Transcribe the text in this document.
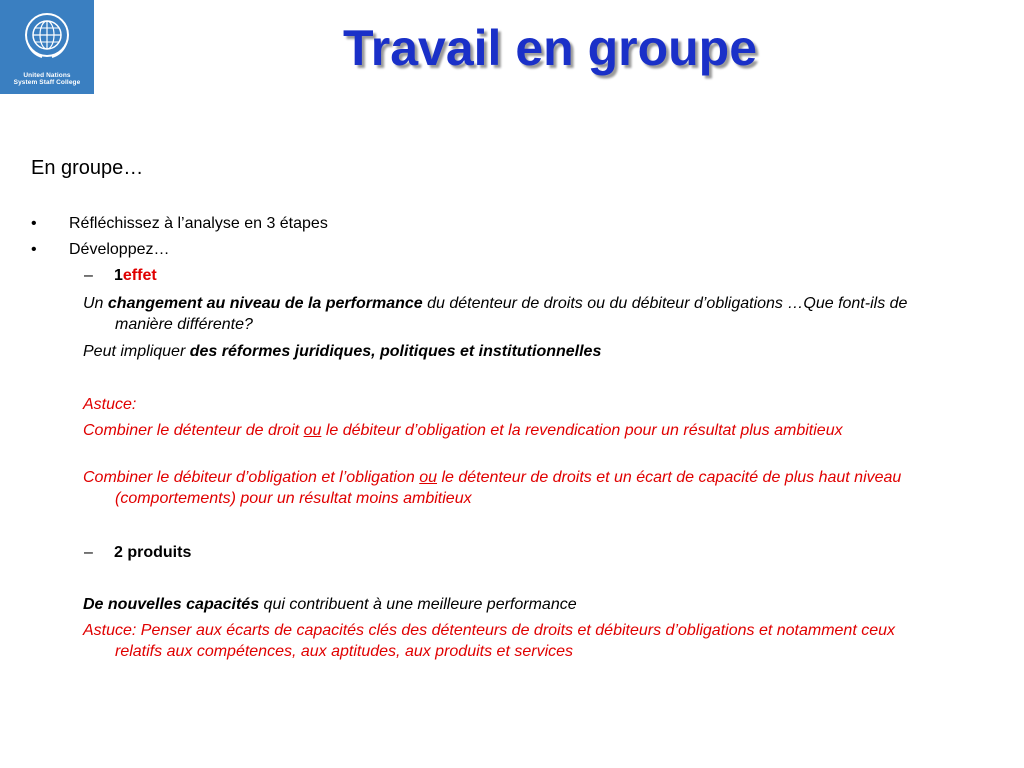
United Nations
System Staff College
Travail en groupe

En groupe…

• Réfléchissez à l’analyse en 3 étapes

• Développez…

– 1effet

Un changement au niveau de la performance du détenteur de droits ou du débiteur d’obligations …Que font-ils de manière différente?

Peut impliquer des réformes juridiques, politiques et institutionnelles

Astuce:

Combiner le détenteur de droit ou le débiteur d’obligation et la revendication pour un résultat plus ambitieux

Combiner le débiteur d’obligation et l’obligation ou le détenteur de droits et un écart de capacité de plus haut niveau (comportements) pour un résultat moins ambitieux

– 2 produits

De nouvelles capacités qui contribuent à une meilleure performance

Astuce: Penser aux écarts de capacités clés des détenteurs de droits et débiteurs d’obligations et notamment ceux relatifs aux compétences, aux aptitudes, aux produits et services
